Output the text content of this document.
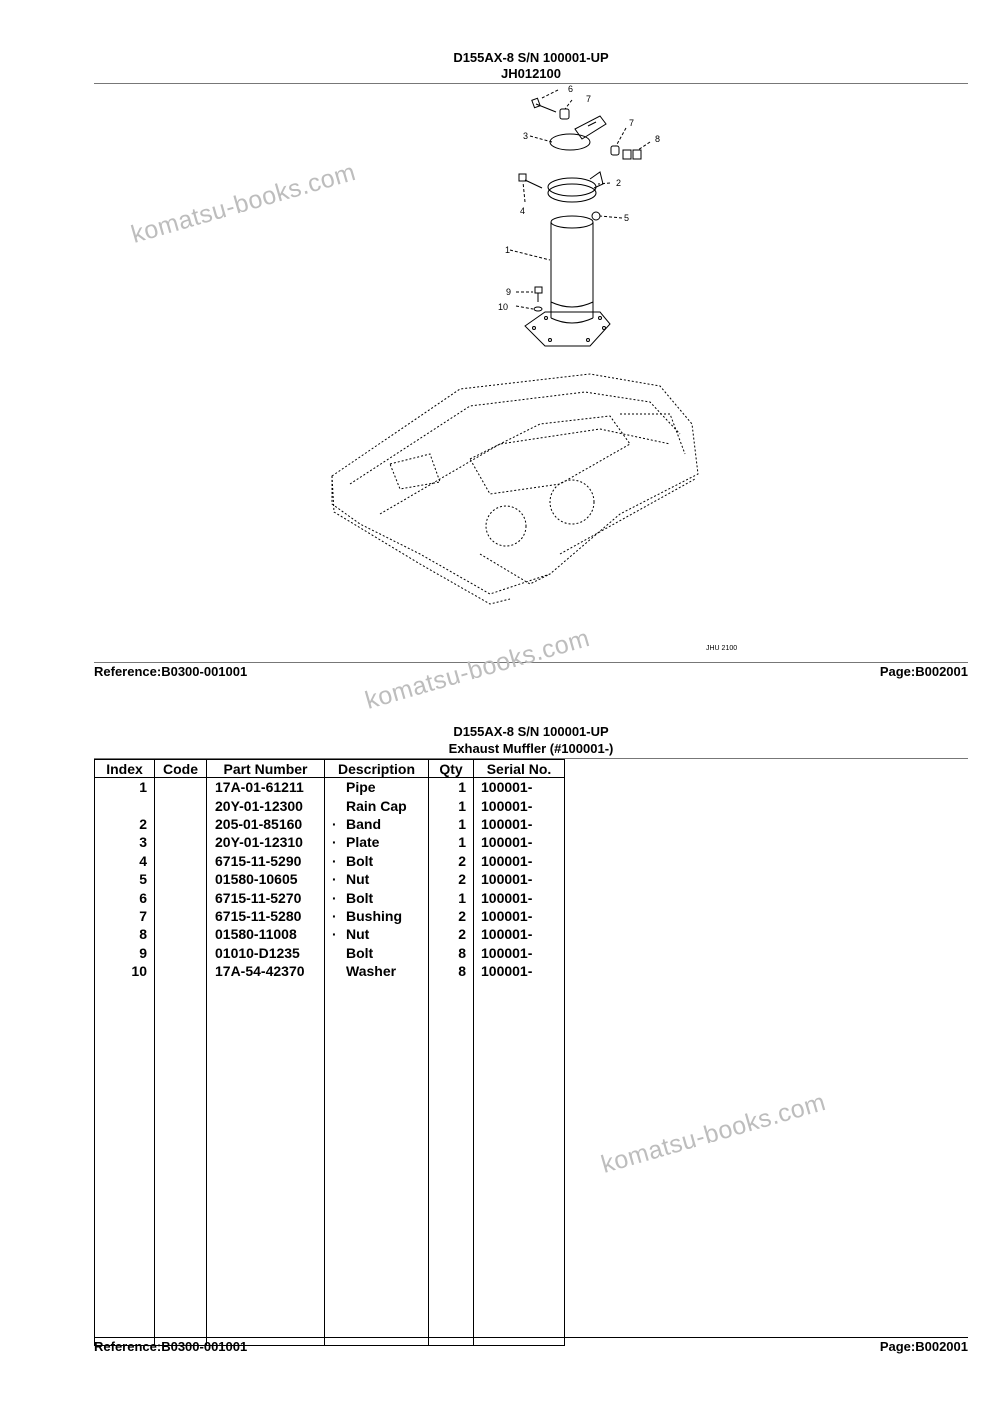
D155AX-8 S/N 100001-UP
JH012100
6
7
3
7
8
2
4
5
1
9
10
JHU 2100
Reference:B0300-001001	Page:B002001
D155AX-8 S/N 100001-UP
Exhaust Muffler (#100001-)
Index	Code	Part Number	Description	Qty	Serial No.
1		17A-01-61211	Pipe	1	100001-
		20Y-01-12300	Rain Cap	1	100001-
2		205-01-85160	· Band	1	100001-
3		20Y-01-12310	· Plate	1	100001-
4		6715-11-5290	· Bolt	2	100001-
5		01580-10605	· Nut	2	100001-
6		6715-11-5270	· Bolt	1	100001-
7		6715-11-5280	· Bushing	2	100001-
8		01580-11008	· Nut	2	100001-
9		01010-D1235	Bolt	8	100001-
10		17A-54-42370	Washer	8	100001-

Reference:B0300-001001	Page:B002001
komatsu-books.com
komatsu-books.com
komatsu-books.com
